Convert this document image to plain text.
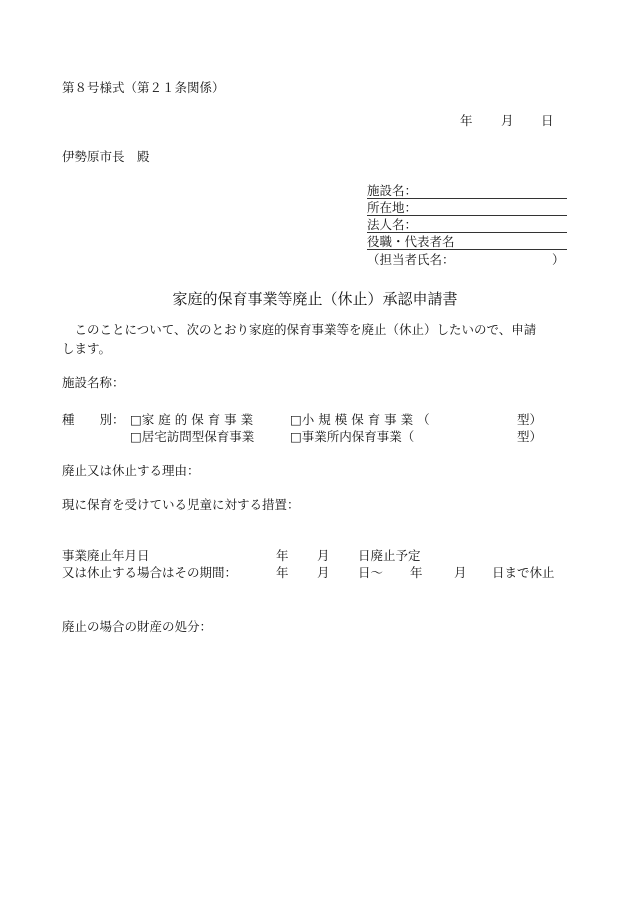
第８号様式（第２１条関係）
年 月 日
伊勢原市長　殿
施設名：
所在地：
法人名：
役職・代表者名
（担当者氏名：	）
家庭的保育事業等廃止（休止）承認申請書
　このことについて、次のとおり家庭的保育事業等を廃止（休止）したいので、申請
します。
施設名称：
種　　別： □家 庭 的 保 育 事 業	□小 規 模 保 育 事 業 （	型）
□居宅訪問型保育事業	□事業所内保育事業（	型）
廃止又は休止する理由：
現に保育を受けている児童に対する措置：
事業廃止年月日	年 月 日廃止予定
又は休止する場合はその期間：	年 月 日～ 年	月 日まで休止
廃止の場合の財産の処分：
